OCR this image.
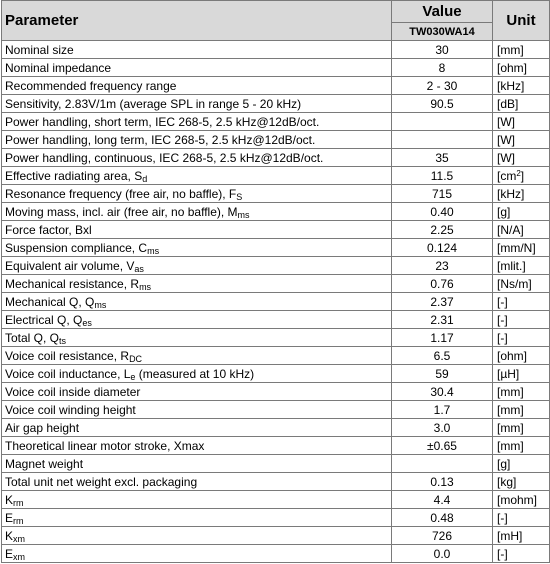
Parameter	Value	Unit
	TW030WA14	
Nominal size	30	[mm]
Nominal impedance	8	[ohm]
Recommended frequency range	2 - 30	[kHz]
Sensitivity, 2.83V/1m (average SPL in range 5 - 20 kHz)	90.5	[dB]
Power handling, short term, IEC 268-5, 2.5 kHz@12dB/oct.		[W]
Power handling, long term, IEC 268-5, 2.5 kHz@12dB/oct.		[W]
Power handling, continuous, IEC 268-5, 2.5 kHz@12dB/oct.	35	[W]
Effective radiating area, $S_d$	11.5	$[cm^2]$
Resonance frequency (free air, no baffle), $F_S$	715	[kHz]
Moving mass, incl. air (free air, no baffle), $M_{ms}$	0.40	[g]
Force factor, Bxl	2.25	[N/A]
Suspension compliance, $C_{ms}$	0.124	[mm/N]
Equivalent air volume, $V_{as}$	23	[mlit.]
Mechanical resistance, $R_{ms}$	0.76	[Ns/m]
Mechanical Q, $Q_{ms}$	2.37	[-]
Electrical Q, $Q_{es}$	2.31	[-]
Total Q, $Q_{ts}$	1.17	[-]
Voice coil resistance, $R_{DC}$	6.5	[ohm]
Voice coil inductance, $L_e$ (measured at 10 kHz)	59	[µH]
Voice coil inside diameter	30.4	[mm]
Voice coil winding height	1.7	[mm]
Air gap height	3.0	[mm]
Theoretical linear motor stroke, Xmax	±0.65	[mm]
Magnet weight		[g]
Total unit net weight excl. packaging	0.13	[kg]
$K_{rm}$	4.4	[mohm]
$E_{rm}$	0.48	[-]
$K_{xm}$	726	[mH]
$E_{xm}$	0.0	[-]
